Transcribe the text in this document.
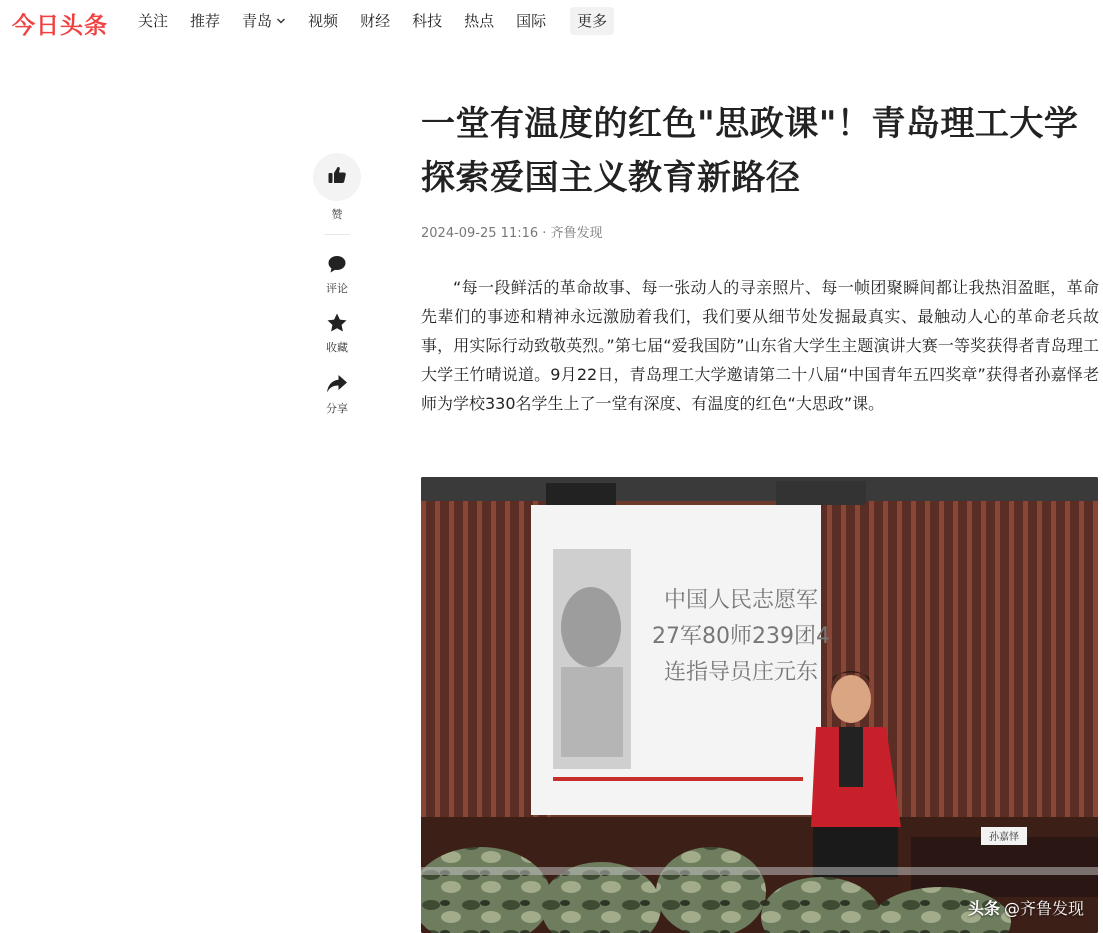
今日头条 关注 推荐 青岛 视频 财经 科技 热点 国际	更多
赞
评论
收藏
分享
一堂有温度的红色"思政课"！青岛理工大学探索爱国主义教育新路径
2024-09-25 11:16 · 齐鲁发现

“每一段鲜活的革命故事、每一张动人的寻亲照片、每一帧团聚瞬间都让我热泪盈眶，革命先辈们的事迹和精神永远激励着我们，我们要从细节处发掘最真实、最触动人心的革命老兵故事，用实际行动致敬英烈。”第七届“爱我国防”山东省大学生主题演讲大赛一等奖获得者青岛理工大学王竹晴说道。9月22日，青岛理工大学邀请第二十八届“中国青年五四奖章”获得者孙嘉怿老师为学校330名学生上了一堂有深度、有温度的红色“大思政”课。

中国人民志愿军
27军80师239团4
连指导员庄元东
孙嘉怿
头条 @齐鲁发现
